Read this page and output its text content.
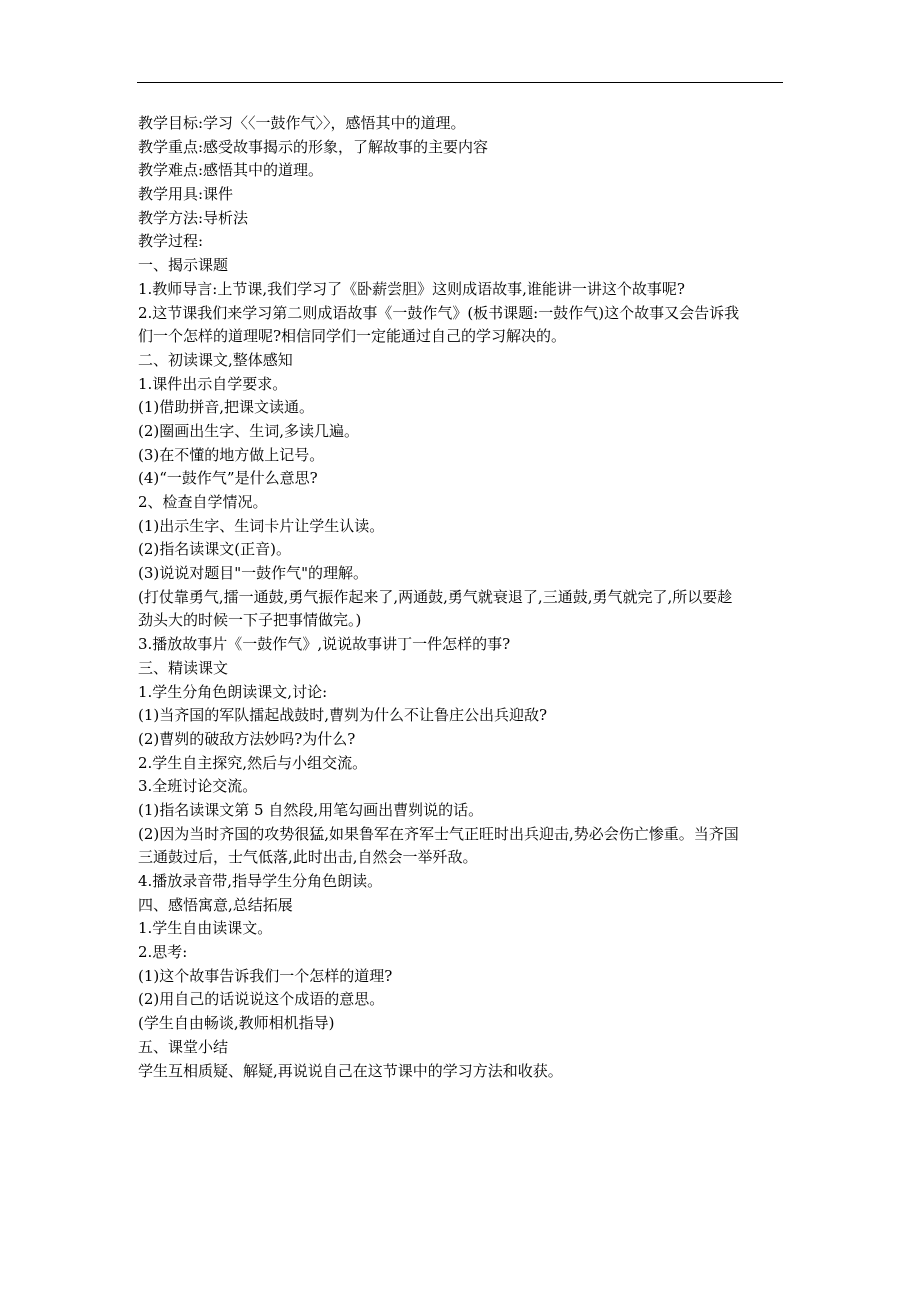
教学目标:学习〈〈一鼓作气〉〉，感悟其中的道理。
教学重点:感受故事揭示的形象，了解故事的主要内容
教学难点:感悟其中的道理。
教学用具:课件
教学方法:导析法
教学过程:
一、揭示课题
1.教师导言:上节课,我们学习了《卧薪尝胆》这则成语故事,谁能讲一讲这个故事呢?
2.这节课我们来学习第二则成语故事《一鼓作气》(板书课题:一鼓作气)这个故事又会告诉我
们一个怎样的道理呢?相信同学们一定能通过自己的学习解决的。
二、初读课文,整体感知
1.课件出示自学要求。
(1)借助拼音,把课文读通。
(2)圈画出生字、生词,多读几遍。
(3)在不懂的地方做上记号。
(4)“一鼓作气”是什么意思?
2、检查自学情况。
(1)出示生字、生词卡片让学生认读。
(2)指名读课文(正音)。
(3)说说对题目"一鼓作气"的理解。
(打仗靠勇气,擂一通鼓,勇气振作起来了,两通鼓,勇气就衰退了,三通鼓,勇气就完了,所以要趁
劲头大的时候一下子把事情做完。)
3.播放故事片《一鼓作气》,说说故事讲丁一件怎样的事?
三、精读课文
1.学生分角色朗读课文,讨论:
(1)当齐国的军队擂起战鼓时,曹刿为什么不让鲁庄公出兵迎敌?
(2)曹刿的破敌方法妙吗?为什么?
2.学生自主探究,然后与小组交流。
3.全班讨论交流。
(1)指名读课文第 5 自然段,用笔勾画出曹刿说的话。
(2)因为当时齐国的攻势很猛,如果鲁军在齐军士气正旺时出兵迎击,势必会伤亡惨重。当齐国
三通鼓过后，士气低落,此时出击,自然会一举歼敌。
4.播放录音带,指导学生分角色朗读。
四、感悟寓意,总结拓展
1.学生自由读课文。
2.思考:
(1)这个故事告诉我们一个怎样的道理?
(2)用自己的话说说这个成语的意思。
(学生自由畅谈,教师相机指导)
五、课堂小结
学生互相质疑、解疑,再说说自己在这节课中的学习方法和收获。
